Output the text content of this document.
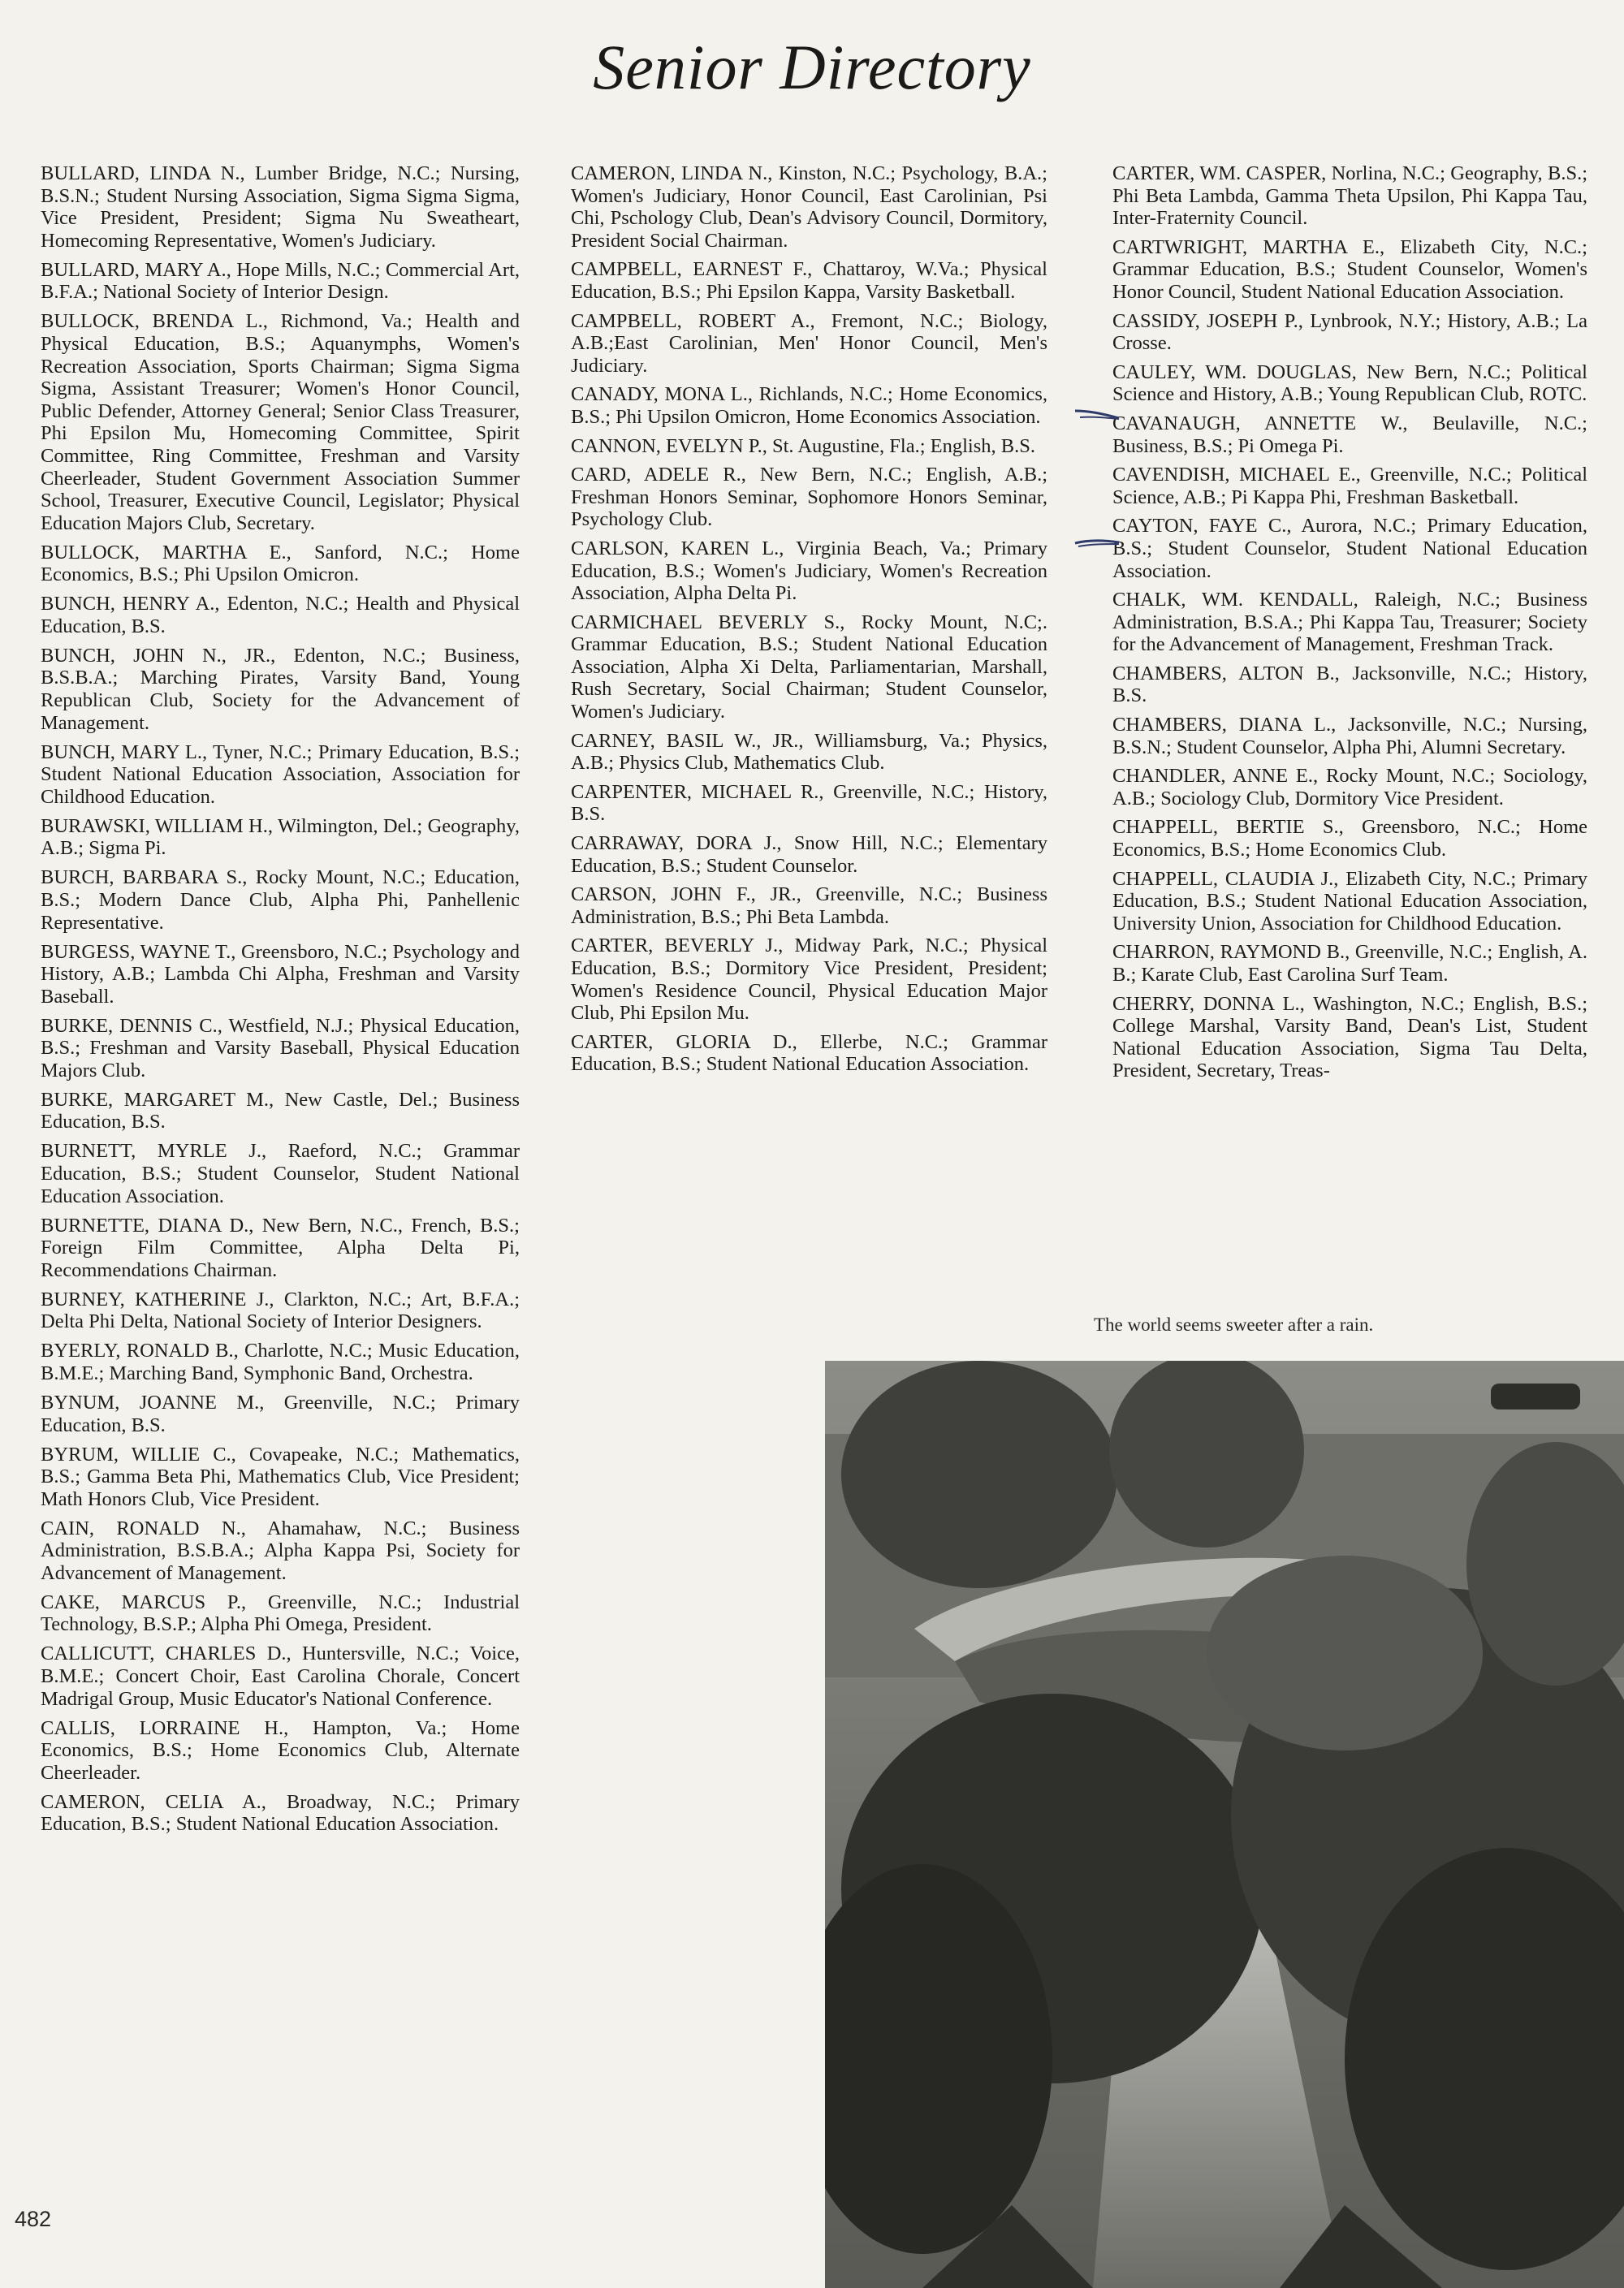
Senior Directory

BULLARD, LINDA N., Lumber Bridge, N.C.; Nursing, B.S.N.; Student Nursing Association, Sigma Sigma Sigma, Vice President, President; Sigma Nu Sweatheart, Homecoming Representative, Women's Judiciary.

BULLARD, MARY A., Hope Mills, N.C.; Commercial Art, B.F.A.; National Society of Interior Design.

BULLOCK, BRENDA L., Richmond, Va.; Health and Physical Education, B.S.; Aquanymphs, Women's Recreation Association, Sports Chairman; Sigma Sigma Sigma, Assistant Treasurer; Women's Honor Council, Public Defender, Attorney General; Senior Class Treasurer, Phi Epsilon Mu, Homecoming Committee, Spirit Committee, Ring Committee, Freshman and Varsity Cheerleader, Student Government Association Summer School, Treasurer, Executive Council, Legislator; Physical Education Majors Club, Secretary.

BULLOCK, MARTHA E., Sanford, N.C.; Home Economics, B.S.; Phi Upsilon Omicron.

BUNCH, HENRY A., Edenton, N.C.; Health and Physical Education, B.S.

BUNCH, JOHN N., JR., Edenton, N.C.; Business, B.S.B.A.; Marching Pirates, Varsity Band, Young Republican Club, Society for the Advancement of Management.

BUNCH, MARY L., Tyner, N.C.; Primary Education, B.S.; Student National Education Association, Association for Childhood Education.

BURAWSKI, WILLIAM H., Wilmington, Del.; Geography, A.B.; Sigma Pi.

BURCH, BARBARA S., Rocky Mount, N.C.; Education, B.S.; Modern Dance Club, Alpha Phi, Panhellenic Representative.

BURGESS, WAYNE T., Greensboro, N.C.; Psychology and History, A.B.; Lambda Chi Alpha, Freshman and Varsity Baseball.

BURKE, DENNIS C., Westfield, N.J.; Physical Education, B.S.; Freshman and Varsity Baseball, Physical Education Majors Club.

BURKE, MARGARET M., New Castle, Del.; Business Education, B.S.

BURNETT, MYRLE J., Raeford, N.C.; Grammar Education, B.S.; Student Counselor, Student National Education Association.

BURNETTE, DIANA D., New Bern, N.C., French, B.S.; Foreign Film Committee, Alpha Delta Pi, Recommendations Chairman.

BURNEY, KATHERINE J., Clarkton, N.C.; Art, B.F.A.; Delta Phi Delta, National Society of Interior Designers.

BYERLY, RONALD B., Charlotte, N.C.; Music Education, B.M.E.; Marching Band, Symphonic Band, Orchestra.

BYNUM, JOANNE M., Greenville, N.C.; Primary Education, B.S.

BYRUM, WILLIE C., Covapeake, N.C.; Mathematics, B.S.; Gamma Beta Phi, Mathematics Club, Vice President; Math Honors Club, Vice President.

CAIN, RONALD N., Ahamahaw, N.C.; Business Administration, B.S.B.A.; Alpha Kappa Psi, Society for Advancement of Management.

CAKE, MARCUS P., Greenville, N.C.; Industrial Technology, B.S.P.; Alpha Phi Omega, President.

CALLICUTT, CHARLES D., Huntersville, N.C.; Voice, B.M.E.; Concert Choir, East Carolina Chorale, Concert Madrigal Group, Music Educator's National Conference.

CALLIS, LORRAINE H., Hampton, Va.; Home Economics, B.S.; Home Economics Club, Alternate Cheerleader.

CAMERON, CELIA A., Broadway, N.C.; Primary Education, B.S.; Student National Education Association.

CAMERON, LINDA N., Kinston, N.C.; Psychology, B.A.; Women's Judiciary, Honor Council, East Carolinian, Psi Chi, Pschology Club, Dean's Advisory Council, Dormitory, President Social Chairman.

CAMPBELL, EARNEST F., Chattaroy, W.Va.; Physical Education, B.S.; Phi Epsilon Kappa, Varsity Basketball.

CAMPBELL, ROBERT A., Fremont, N.C.; Biology, A.B.;East Carolinian, Men' Honor Council, Men's Judiciary.

CANADY, MONA L., Richlands, N.C.; Home Economics, B.S.; Phi Upsilon Omicron, Home Economics Association.

CANNON, EVELYN P., St. Augustine, Fla.; English, B.S.

CARD, ADELE R., New Bern, N.C.; English, A.B.; Freshman Honors Seminar, Sophomore Honors Seminar, Psychology Club.

CARLSON, KAREN L., Virginia Beach, Va.; Primary Education, B.S.; Women's Judiciary, Women's Recreation Association, Alpha Delta Pi.

CARMICHAEL BEVERLY S., Rocky Mount, N.C;. Grammar Education, B.S.; Student National Education Association, Alpha Xi Delta, Parliamentarian, Marshall, Rush Secretary, Social Chairman; Student Counselor, Women's Judiciary.

CARNEY, BASIL W., JR., Williamsburg, Va.; Physics, A.B.; Physics Club, Mathematics Club.

CARPENTER, MICHAEL R., Greenville, N.C.; History, B.S.

CARRAWAY, DORA J., Snow Hill, N.C.; Elementary Education, B.S.; Student Counselor.

CARSON, JOHN F., JR., Greenville, N.C.; Business Administration, B.S.; Phi Beta Lambda.

CARTER, BEVERLY J., Midway Park, N.C.; Physical Education, B.S.; Dormitory Vice President, President; Women's Residence Council, Physical Education Major Club, Phi Epsilon Mu.

CARTER, GLORIA D., Ellerbe, N.C.; Grammar Education, B.S.; Student National Education Association.

CARTER, WM. CASPER, Norlina, N.C.; Geography, B.S.; Phi Beta Lambda, Gamma Theta Upsilon, Phi Kappa Tau, Inter-Fraternity Council.

CARTWRIGHT, MARTHA E., Elizabeth City, N.C.; Grammar Education, B.S.; Student Counselor, Women's Honor Council, Student National Education Association.

CASSIDY, JOSEPH P., Lynbrook, N.Y.; History, A.B.; La Crosse.

CAULEY, WM. DOUGLAS, New Bern, N.C.; Political Science and History, A.B.; Young Republican Club, ROTC.

CAVANAUGH, ANNETTE W., Beulaville, N.C.; Business, B.S.; Pi Omega Pi.

CAVENDISH, MICHAEL E., Greenville, N.C.; Political Science, A.B.; Pi Kappa Phi, Freshman Basketball.

CAYTON, FAYE C., Aurora, N.C.; Primary Education, B.S.; Student Counselor, Student National Education Association.

CHALK, WM. KENDALL, Raleigh, N.C.; Business Administration, B.S.A.; Phi Kappa Tau, Treasurer; Society for the Advancement of Management, Freshman Track.

CHAMBERS, ALTON B., Jacksonville, N.C.; History, B.S.

CHAMBERS, DIANA L., Jacksonville, N.C.; Nursing, B.S.N.; Student Counselor, Alpha Phi, Alumni Secretary.

CHANDLER, ANNE E., Rocky Mount, N.C.; Sociology, A.B.; Sociology Club, Dormitory Vice President.

CHAPPELL, BERTIE S., Greensboro, N.C.; Home Economics, B.S.; Home Economics Club.

CHAPPELL, CLAUDIA J., Elizabeth City, N.C.; Primary Education, B.S.; Student National Education Association, University Union, Association for Childhood Education.

CHARRON, RAYMOND B., Greenville, N.C.; English, A. B.; Karate Club, East Carolina Surf Team.

CHERRY, DONNA L., Washington, N.C.; English, B.S.; College Marshal, Varsity Band, Dean's List, Student National Education Association, Sigma Tau Delta, President, Secretary, Treas-

The world seems sweeter after a rain.
482
